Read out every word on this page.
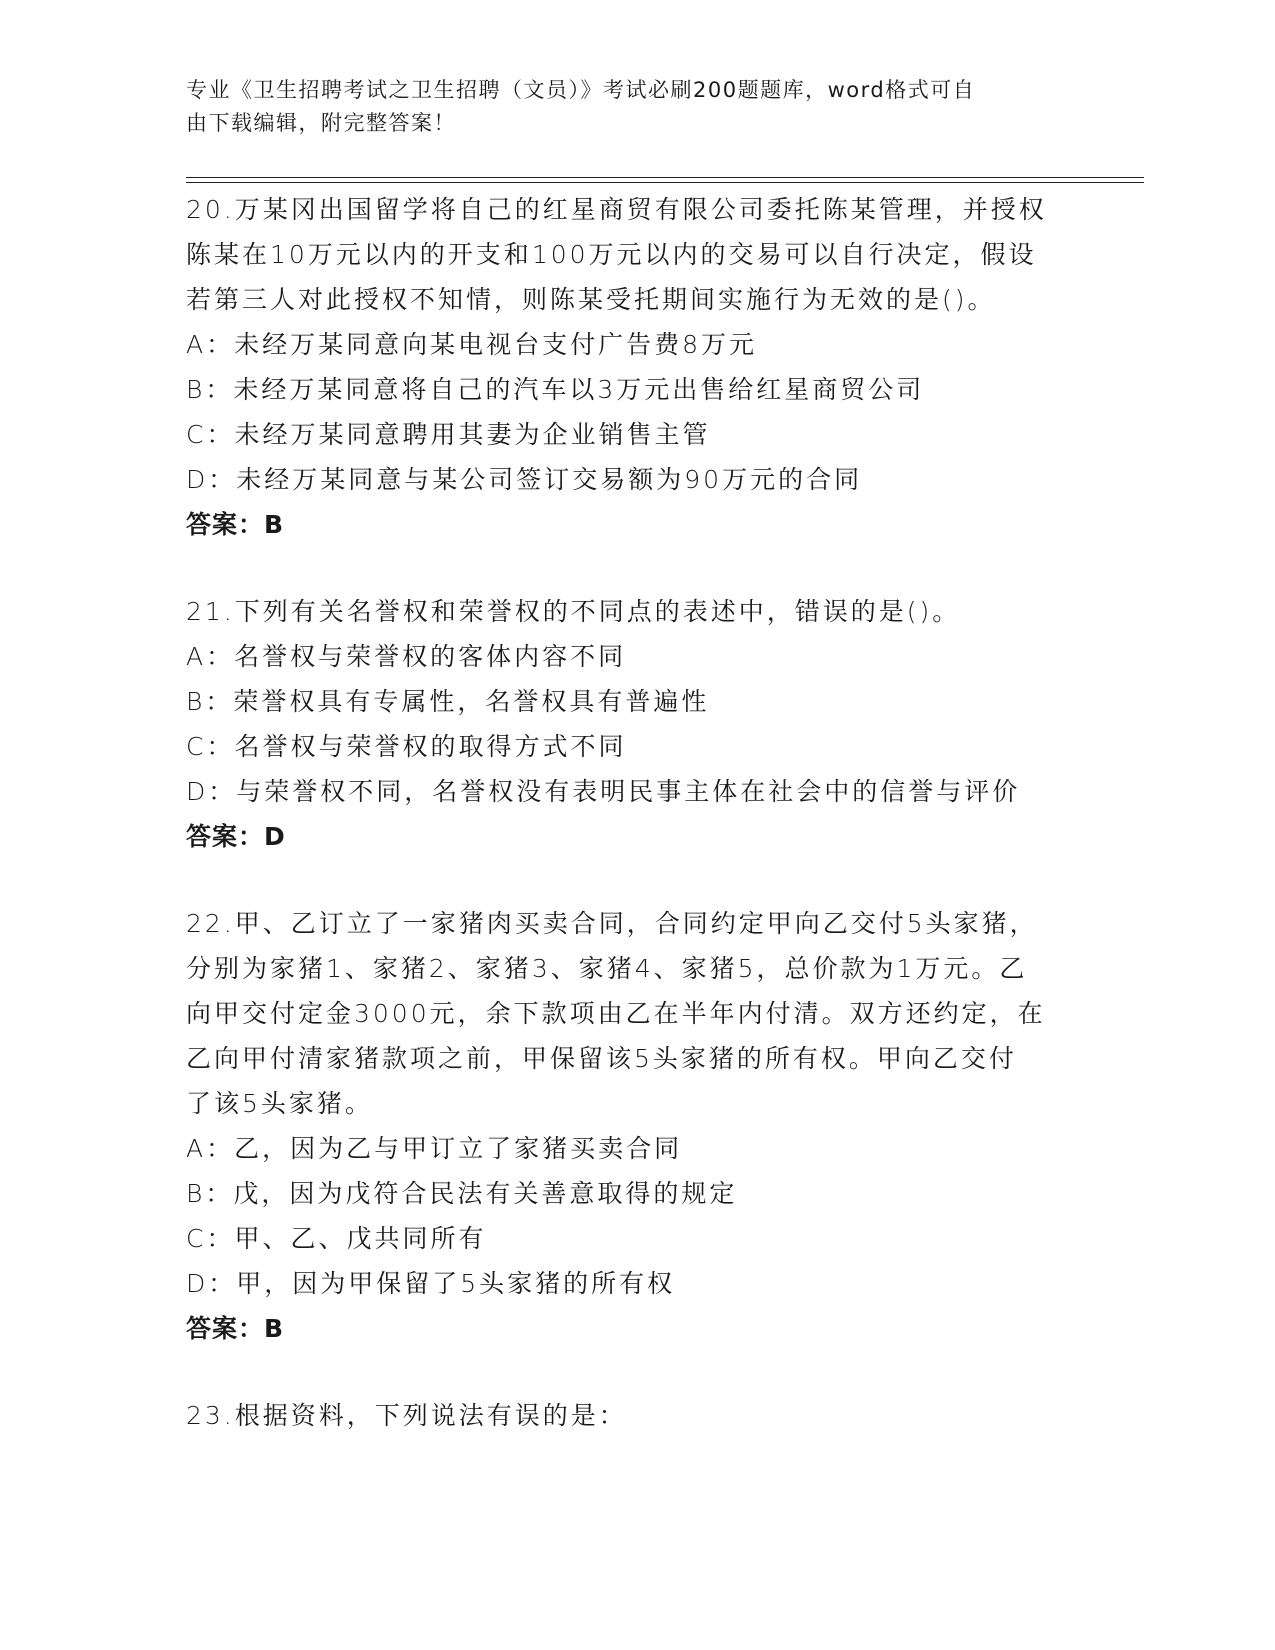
专业《卫生招聘考试之卫生招聘（文员）》考试必刷200题题库，word格式可自
由下载编辑，附完整答案！
20.万某冈出国留学将自己的红星商贸有限公司委托陈某管理，并授权
陈某在10万元以内的开支和100万元以内的交易可以自行决定，假设
若第三人对此授权不知情，则陈某受托期间实施行为无效的是()。
A：未经万某同意向某电视台支付广告费8万元
B：未经万某同意将自己的汽车以3万元出售给红星商贸公司
C：未经万某同意聘用其妻为企业销售主管
D：未经万某同意与某公司签订交易额为90万元的合同
答案：B
21.下列有关名誉权和荣誉权的不同点的表述中，错误的是()。
A：名誉权与荣誉权的客体内容不同
B：荣誉权具有专属性，名誉权具有普遍性
C：名誉权与荣誉权的取得方式不同
D：与荣誉权不同，名誉权没有表明民事主体在社会中的信誉与评价
答案：D
22.甲、乙订立了一家猪肉买卖合同，合同约定甲向乙交付5头家猪，
分别为家猪1、家猪2、家猪3、家猪4、家猪5，总价款为1万元。乙
向甲交付定金3000元，余下款项由乙在半年内付清。双方还约定，在
乙向甲付清家猪款项之前，甲保留该5头家猪的所有权。甲向乙交付
了该5头家猪。
A：乙，因为乙与甲订立了家猪买卖合同
B：戊，因为戊符合民法有关善意取得的规定
C：甲、乙、戊共同所有
D：甲，因为甲保留了5头家猪的所有权
答案：B
23.根据资料，下列说法有误的是：
